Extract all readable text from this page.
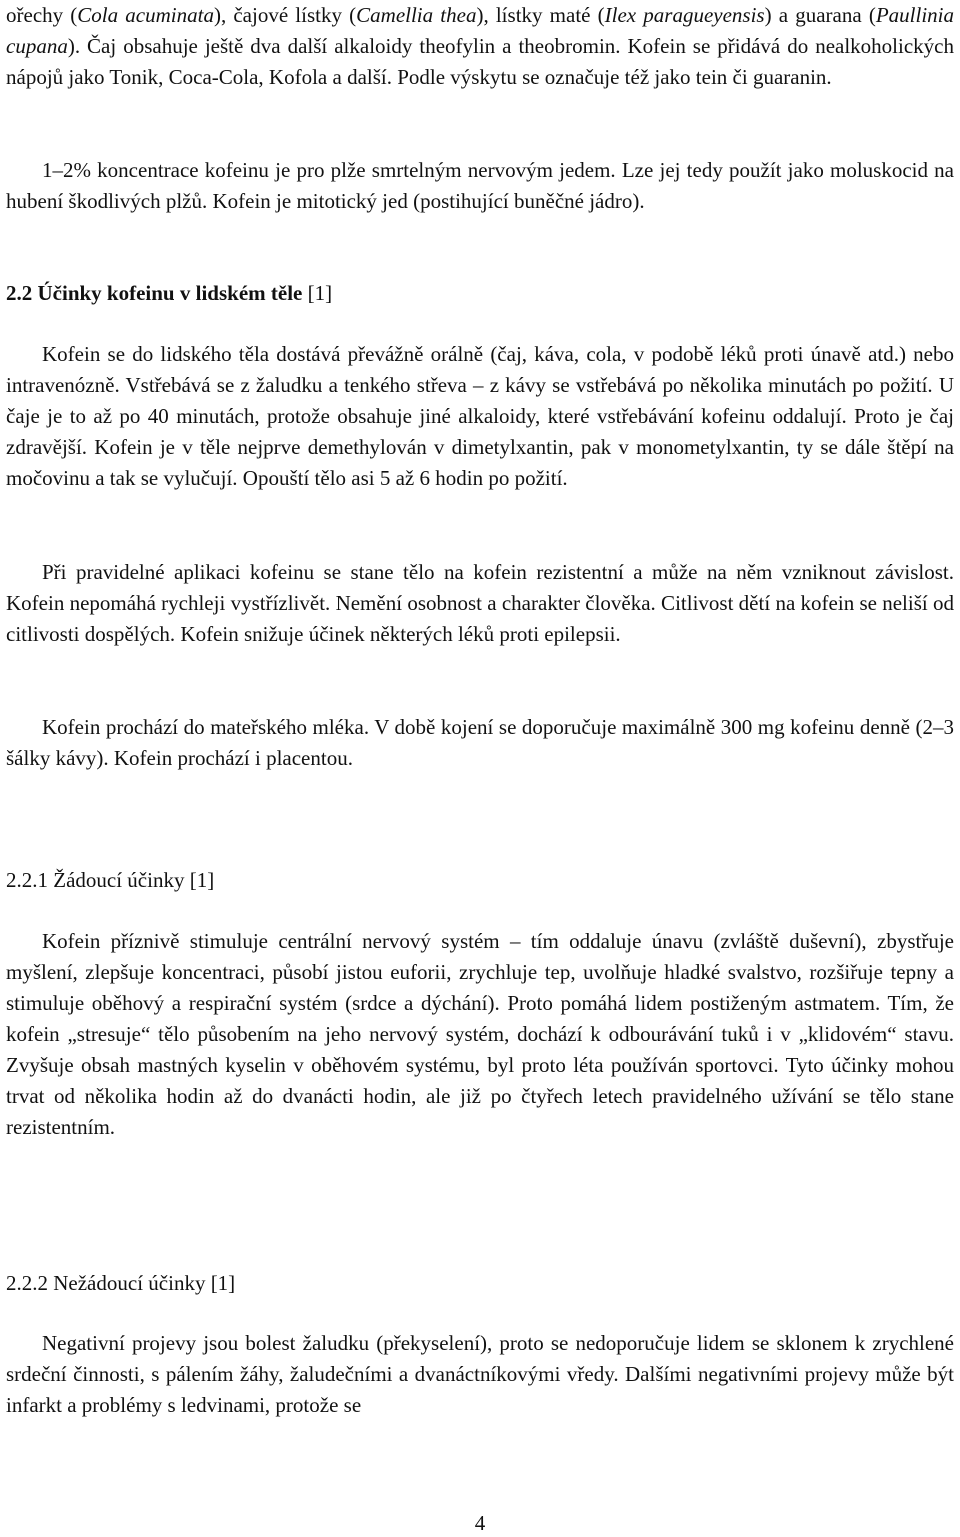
ořechy (Cola acuminata), čajové lístky (Camellia thea), lístky maté (Ilex paragueyensis) a guarana (Paullinia cupana). Čaj obsahuje ještě dva další alkaloidy theofylin a theobromin. Kofein se přidává do nealkoholických nápojů jako Tonik, Coca-Cola, Kofola a další. Podle výskytu se označuje též jako tein či guaranin.

1–2% koncentrace kofeinu je pro plže smrtelným nervovým jedem. Lze jej tedy použít jako moluskocid na hubení škodlivých plžů. Kofein je mitotický jed (postihující buněčné jádro).

2.2 Účinky kofeinu v lidském těle [1]

Kofein se do lidského těla dostává převážně orálně (čaj, káva, cola, v podobě léků proti únavě atd.) nebo intravenózně. Vstřebává se z žaludku a tenkého střeva – z kávy se vstřebává po několika minutách po požití. U čaje je to až po 40 minutách, protože obsahuje jiné alkaloidy, které vstřebávání kofeinu oddalují. Proto je čaj zdravější. Kofein je v těle nejprve demethylován v dimetylxantin, pak v monometylxantin, ty se dále štěpí na močovinu a tak se vylučují. Opouští tělo asi 5 až 6 hodin po požití.

Při pravidelné aplikaci kofeinu se stane tělo na kofein rezistentní a může na něm vzniknout závislost. Kofein nepomáhá rychleji vystřízlivět. Nemění osobnost a charakter člověka. Citlivost dětí na kofein se neliší od citlivosti dospělých. Kofein snižuje účinek některých léků proti epilepsii.

Kofein prochází do mateřského mléka. V době kojení se doporučuje maximálně 300 mg kofeinu denně (2–3 šálky kávy). Kofein prochází i placentou.

2.2.1 Žádoucí účinky [1]

Kofein příznivě stimuluje centrální nervový systém – tím oddaluje únavu (zvláště duševní), zbystřuje myšlení, zlepšuje koncentraci, působí jistou euforii, zrychluje tep, uvolňuje hladké svalstvo, rozšiřuje tepny a stimuluje oběhový a respirační systém (srdce a dýchání). Proto pomáhá lidem postiženým astmatem. Tím, že kofein „stresuje“ tělo působením na jeho nervový systém, dochází k odbourávání tuků i v „klidovém“ stavu. Zvyšuje obsah mastných kyselin v oběhovém systému, byl proto léta používán sportovci. Tyto účinky mohou trvat od několika hodin až do dvanácti hodin, ale již po čtyřech letech pravidelného užívání se tělo stane rezistentním.

2.2.2 Nežádoucí účinky [1]

Negativní projevy jsou bolest žaludku (překyselení), proto se nedoporučuje lidem se sklonem k zrychlené srdeční činnosti, s pálením žáhy, žaludečními a dvanáctníkovými vředy. Dalšími negativními projevy může být infarkt a problémy s ledvinami, protože se

4
